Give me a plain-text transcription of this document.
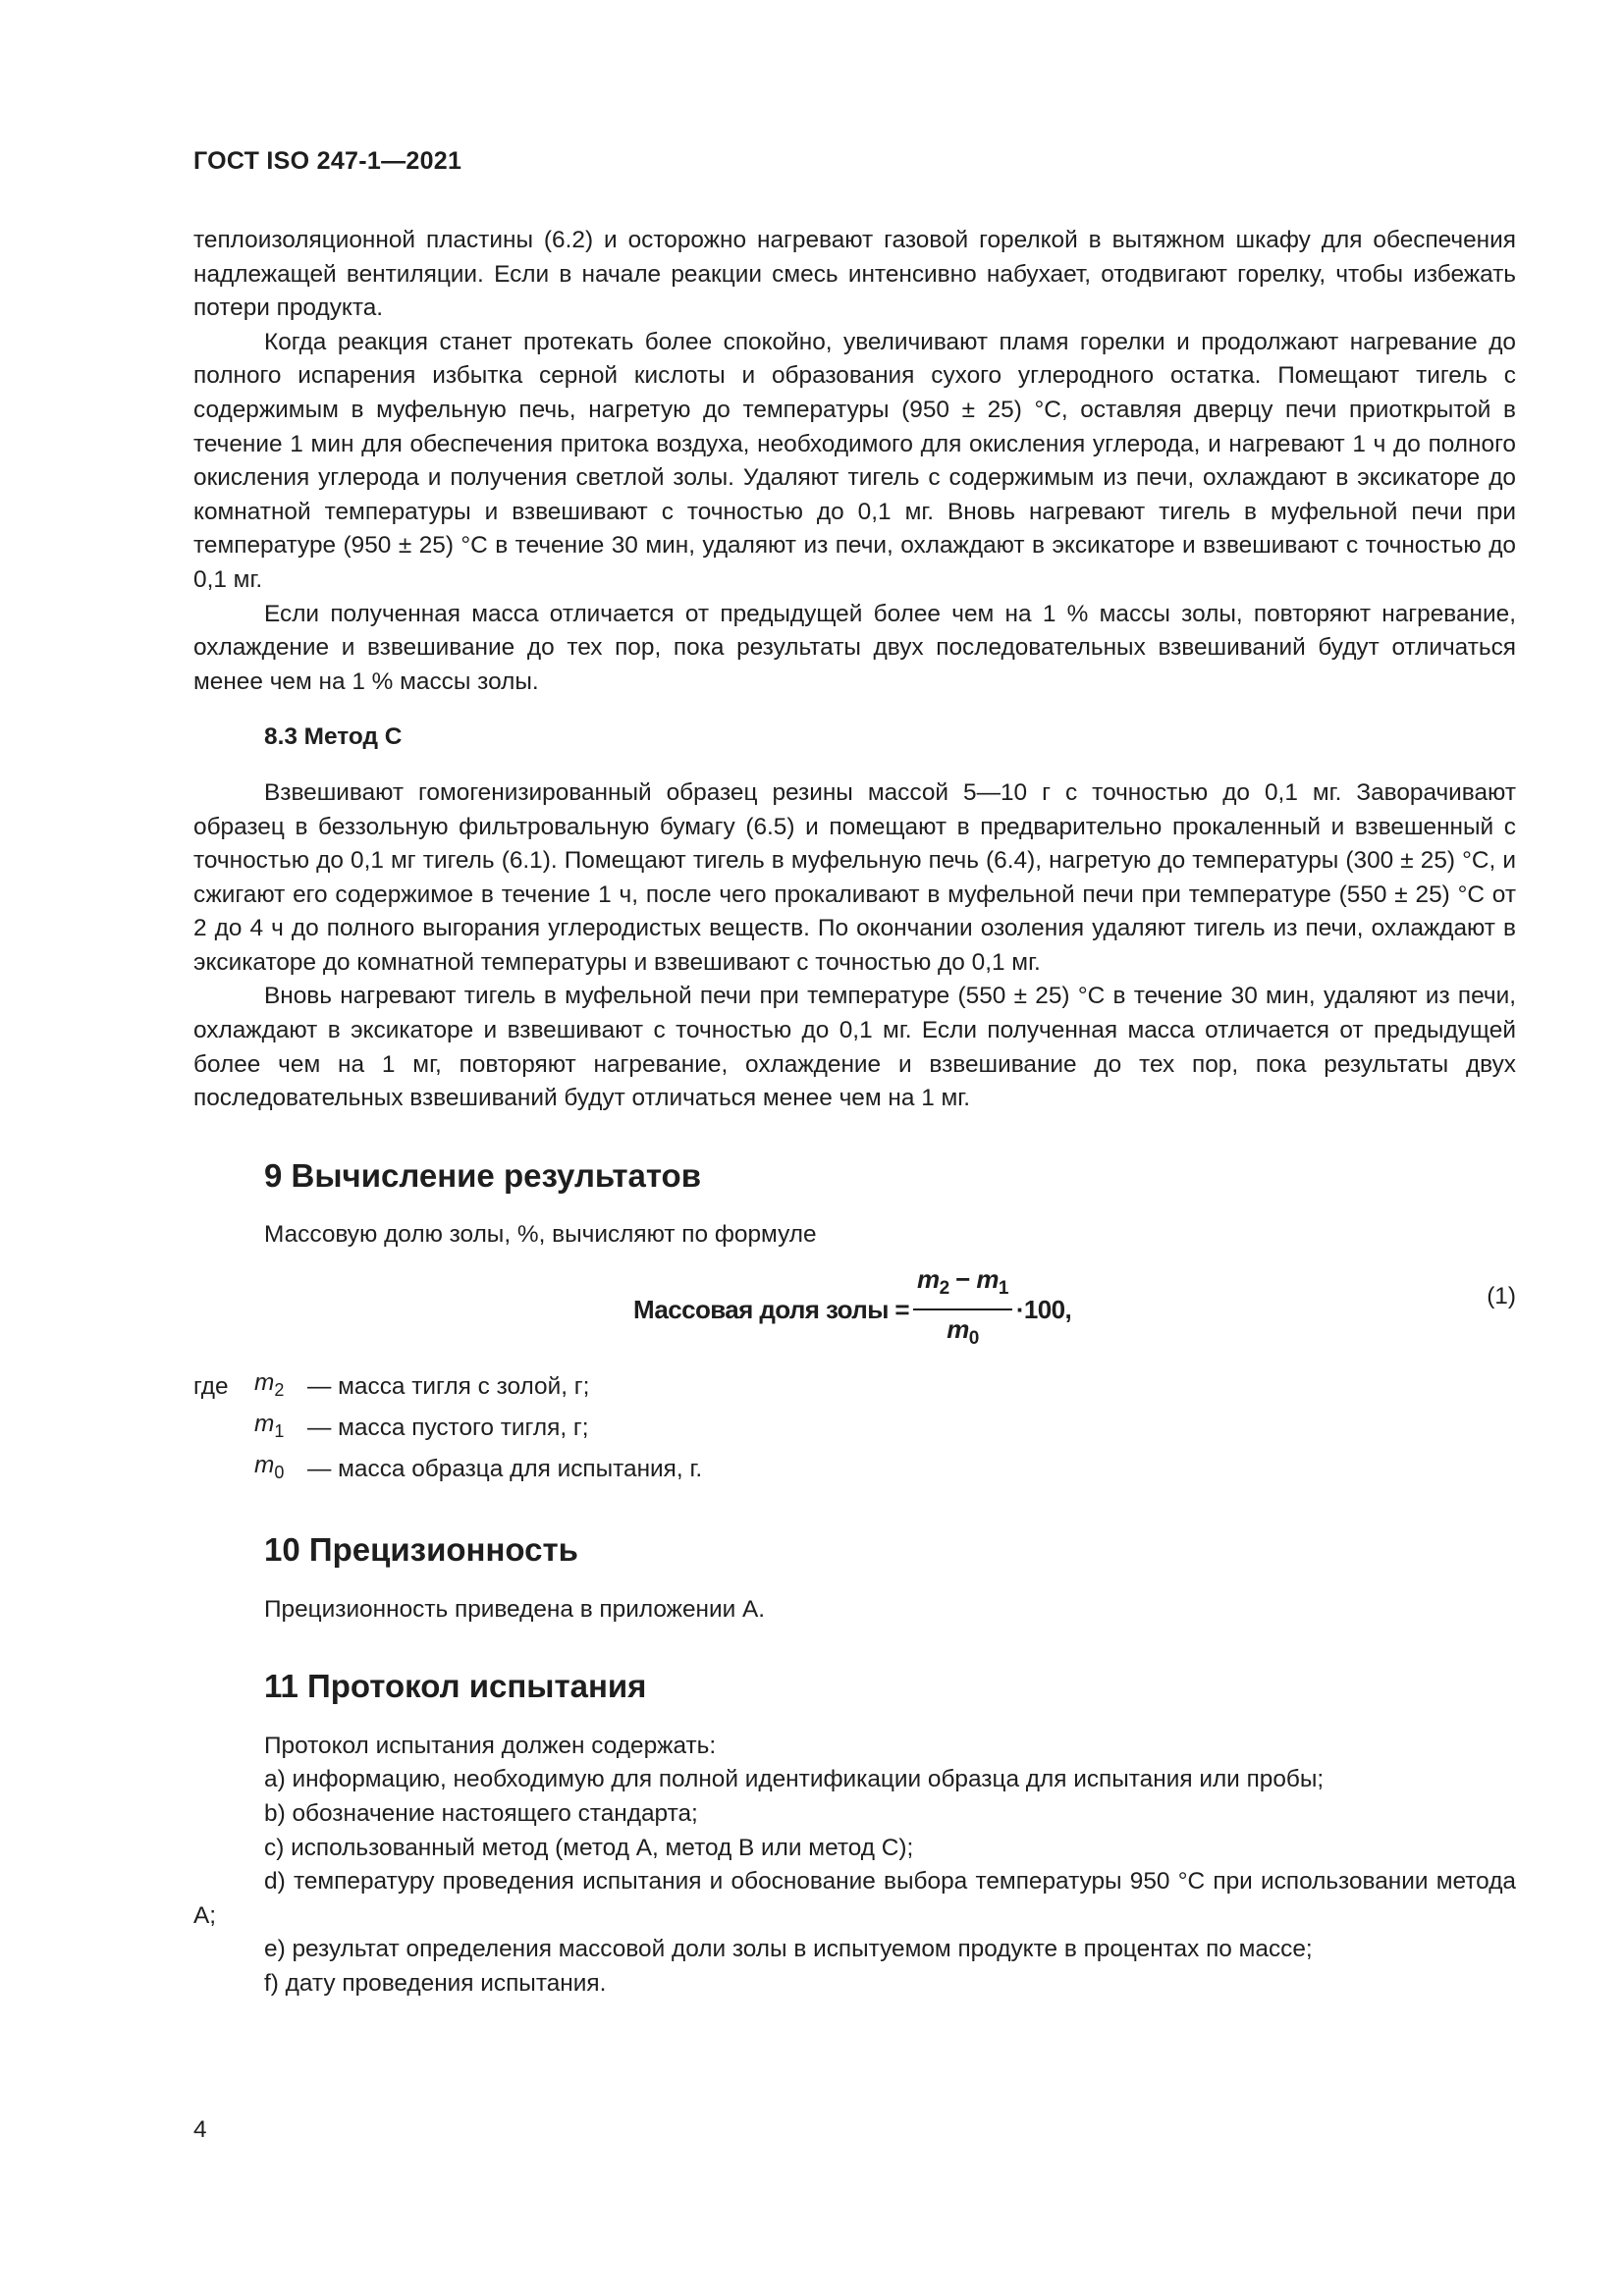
ГОСТ ISO 247-1—2021

теплоизоляционной пластины (6.2) и осторожно нагревают газовой горелкой в вытяжном шкафу для обеспечения надлежащей вентиляции. Если в начале реакции смесь интенсивно набухает, отодвигают горелку, чтобы избежать потери продукта.

Когда реакция станет протекать более спокойно, увеличивают пламя горелки и продолжают нагревание до полного испарения избытка серной кислоты и образования сухого углеродного остатка. Помещают тигель с содержимым в муфельную печь, нагретую до температуры (950 ± 25) °С, оставляя дверцу печи приоткрытой в течение 1 мин для обеспечения притока воздуха, необходимого для окисления углерода, и нагревают 1 ч до полного окисления углерода и получения светлой золы. Удаляют тигель с содержимым из печи, охлаждают в эксикаторе до комнатной температуры и взвешивают с точностью до 0,1 мг. Вновь нагревают тигель в муфельной печи при температуре (950 ± 25) °С в течение 30 мин, удаляют из печи, охлаждают в эксикаторе и взвешивают с точностью до 0,1 мг.

Если полученная масса отличается от предыдущей более чем на 1 % массы золы, повторяют нагревание, охлаждение и взвешивание до тех пор, пока результаты двух последовательных взвешиваний будут отличаться менее чем на 1 % массы золы.

8.3 Метод С

Взвешивают гомогенизированный образец резины массой 5—10 г с точностью до 0,1 мг. Заворачивают образец в беззольную фильтровальную бумагу (6.5) и помещают в предварительно прокаленный и взвешенный с точностью до 0,1 мг тигель (6.1). Помещают тигель в муфельную печь (6.4), нагретую до температуры (300 ± 25) °С, и сжигают его содержимое в течение 1 ч, после чего прокаливают в муфельной печи при температуре (550 ± 25) °С от 2 до 4 ч до полного выгорания углеродистых веществ. По окончании озоления удаляют тигель из печи, охлаждают в эксикаторе до комнатной температуры и взвешивают с точностью до 0,1 мг.

Вновь нагревают тигель в муфельной печи при температуре (550 ± 25) °С в течение 30 мин, удаляют из печи, охлаждают в эксикаторе и взвешивают с точностью до 0,1 мг. Если полученная масса отличается от предыдущей более чем на 1 мг, повторяют нагревание, охлаждение и взвешивание до тех пор, пока результаты двух последовательных взвешиваний будут отличаться менее чем на 1 мг.

9 Вычисление результатов

Массовую долю золы, %, вычисляют по формуле

Массовая доля золы = $\frac{m_2 - m_1}{m_0} \cdot 100$,	(1)
где	$m_2$ — масса тигля с золой, г;
$m_1$ — масса пустого тигля, г;
$m_0$ — масса образца для испытания, г.
10 Прецизионность

Прецизионность приведена в приложении А.

11 Протокол испытания

Протокол испытания должен содержать:

a) информацию, необходимую для полной идентификации образца для испытания или пробы;

b) обозначение настоящего стандарта;

c) использованный метод (метод А, метод В или метод С);

d) температуру проведения испытания и обоснование выбора температуры 950 °С при использовании метода А;

e) результат определения массовой доли золы в испытуемом продукте в процентах по массе;

f) дату проведения испытания.

4
